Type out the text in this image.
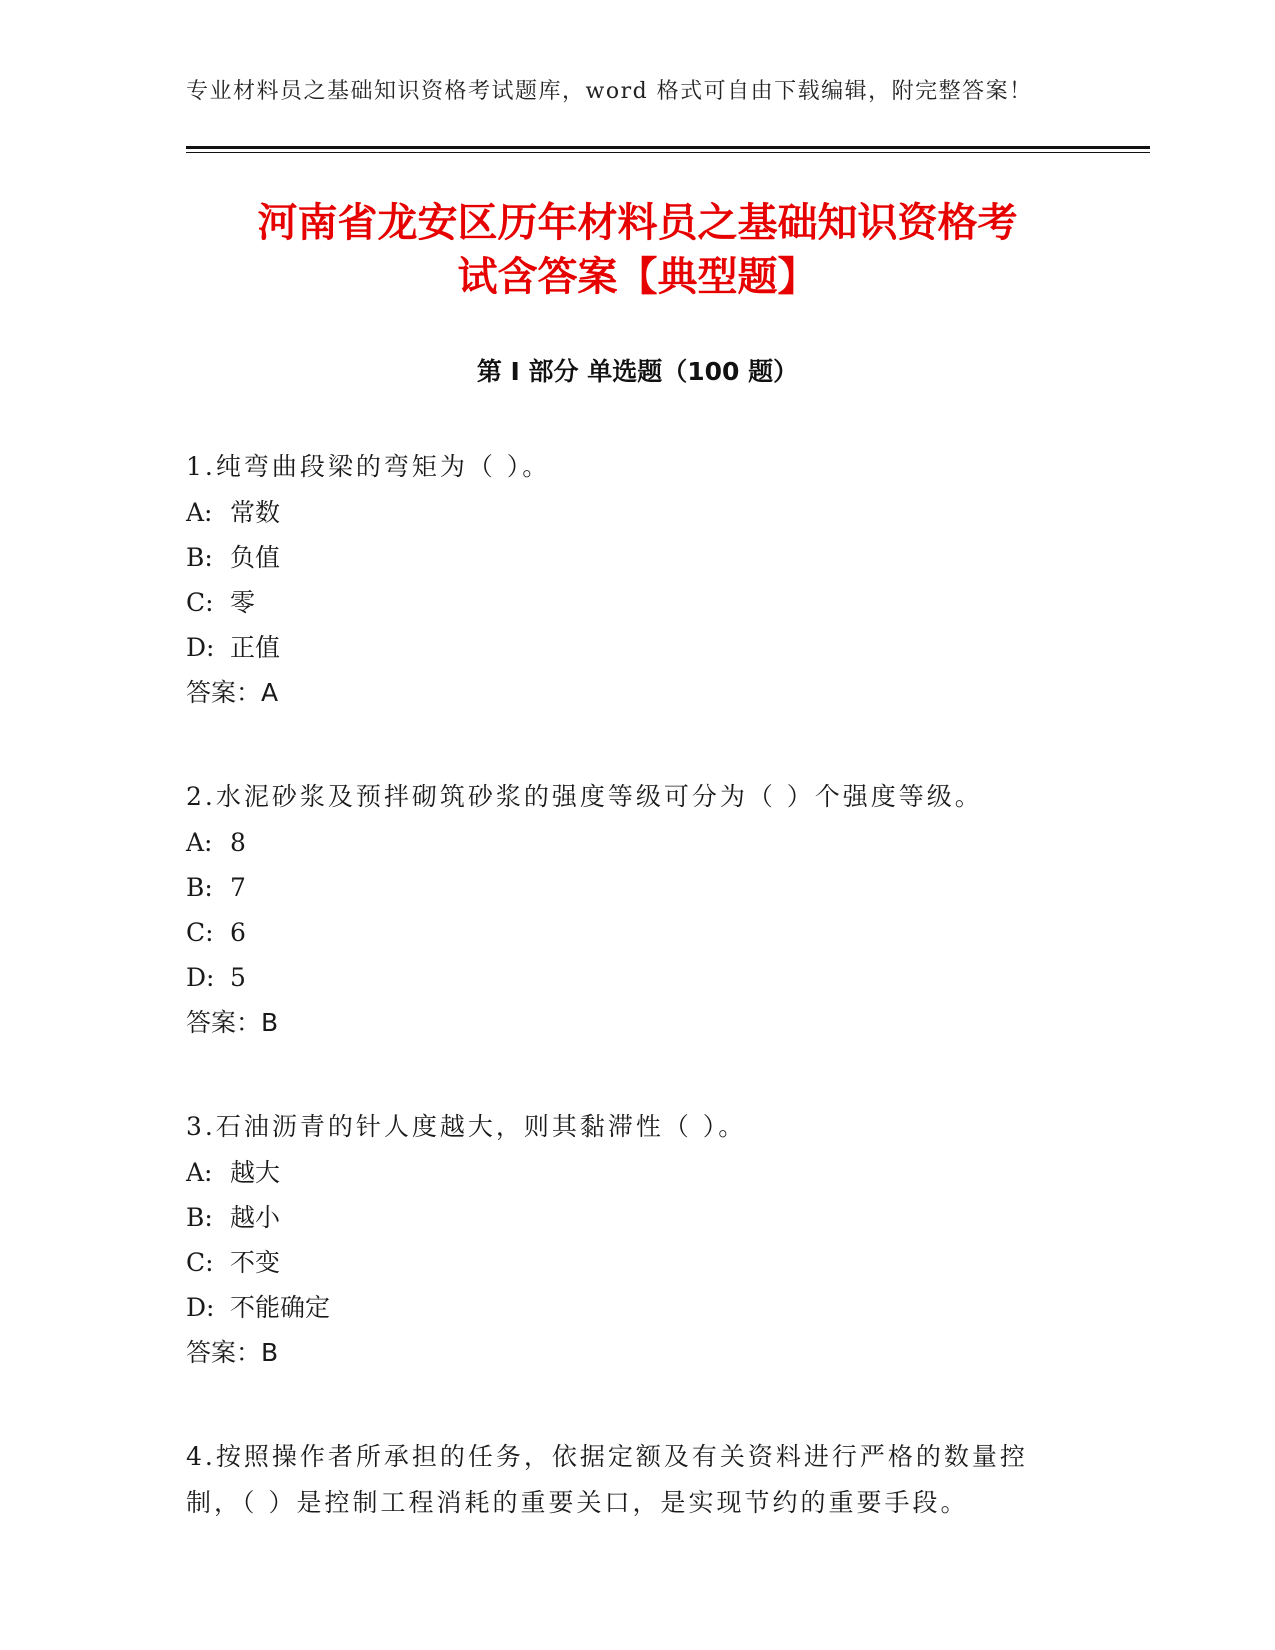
专业材料员之基础知识资格考试题库，word 格式可自由下载编辑，附完整答案！
河南省龙安区历年材料员之基础知识资格考
试含答案【典型题】
第 I 部分 单选题（100 题）
1.纯弯曲段梁的弯矩为（ ）。
A: 常数
B: 负值
C: 零
D: 正值
答案：A
2.水泥砂浆及预拌砌筑砂浆的强度等级可分为（ ）个强度等级。
A: 8
B: 7
C: 6
D: 5
答案：B
3.石油沥青的针人度越大，则其黏滞性（ ）。
A: 越大
B: 越小
C: 不变
D: 不能确定
答案：B
4.按照操作者所承担的任务，依据定额及有关资料进行严格的数量控制，（ ）是控制工程消耗的重要关口，是实现节约的重要手段。
